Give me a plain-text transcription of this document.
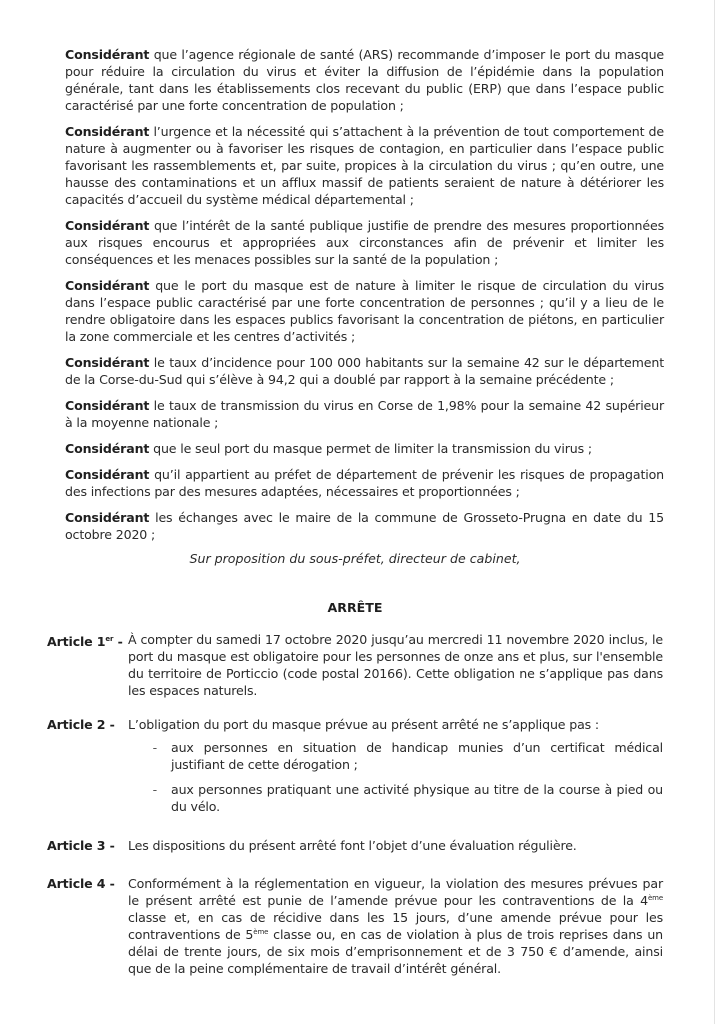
Considérant que l’agence régionale de santé (ARS) recommande d’imposer le port du masque pour réduire la circulation du virus et éviter la diffusion de l’épidémie dans la population générale, tant dans les établissements clos recevant du public (ERP) que dans l’espace public caractérisé par une forte concentration de population ;

Considérant l’urgence et la nécessité qui s’attachent à la prévention de tout comportement de nature à augmenter ou à favoriser les risques de contagion, en particulier dans l’espace public favorisant les rassemblements et, par suite, propices à la circulation du virus ; qu’en outre, une hausse des contaminations et un afflux massif de patients seraient de nature à détériorer les capacités d’accueil du système médical départemental ;

Considérant que l’intérêt de la santé publique justifie de prendre des mesures proportionnées aux risques encourus et appropriées aux circonstances afin de prévenir et limiter les conséquences et les menaces possibles sur la santé de la population ;

Considérant que le port du masque est de nature à limiter le risque de circulation du virus dans l’espace public caractérisé par une forte concentration de personnes ; qu’il y a lieu de le rendre obligatoire dans les espaces publics favorisant la concentration de piétons, en particulier la zone commerciale et les centres d’activités ;

Considérant le taux d’incidence pour 100 000 habitants sur la semaine 42 sur le département de la Corse-du-Sud qui s’élève à 94,2 qui a doublé par rapport à la semaine précédente ;

Considérant le taux de transmission du virus en Corse de 1,98% pour la semaine 42 supérieur à la moyenne nationale ;

Considérant que le seul port du masque permet de limiter la transmission du virus ;

Considérant qu’il appartient au préfet de département de prévenir les risques de propagation des infections par des mesures adaptées, nécessaires et proportionnées ;

Considérant les échanges avec le maire de la commune de Grosseto-Prugna en date du 15 octobre 2020 ;

Sur proposition du sous-préfet, directeur de cabinet,
ARRÊTE
Article 1er - À compter du samedi 17 octobre 2020 jusqu’au mercredi 11 novembre 2020 inclus, le port du masque est obligatoire pour les personnes de onze ans et plus, sur l'ensemble du territoire de Porticcio (code postal 20166). Cette obligation ne s’applique pas dans les espaces naturels.
Article 2 -	L’obligation du port du masque prévue au présent arrêté ne s’applique pas :
-	aux personnes en situation de handicap munies d’un certificat médical justifiant de cette dérogation ;
-	aux personnes pratiquant une activité physique au titre de la course à pied ou du vélo.
Article 3 -	Les dispositions du présent arrêté font l’objet d’une évaluation régulière.
Article 4 -	Conformément à la réglementation en vigueur, la violation des mesures prévues par le présent arrêté est punie de l’amende prévue pour les contraventions de la 4ème classe et, en cas de récidive dans les 15 jours, d’une amende prévue pour les contraventions de 5ème classe ou, en cas de violation à plus de trois reprises dans un délai de trente jours, de six mois d’emprisonnement et de 3 750 € d’amende, ainsi que de la peine complémentaire de travail d’intérêt général.
